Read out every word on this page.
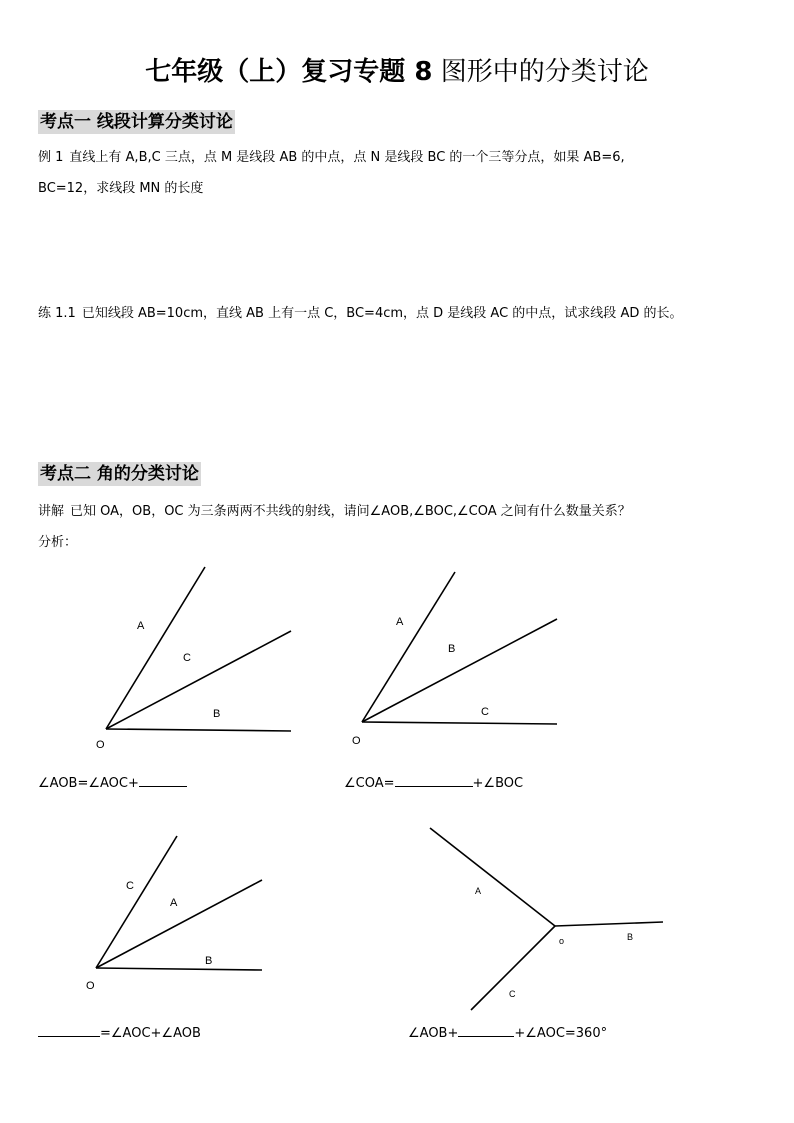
七年级（上）复习专题 8 图形中的分类讨论
考点一 线段计算分类讨论
例 1 直线上有 A,B,C 三点，点 M 是线段 AB 的中点，点 N 是线段 BC 的一个三等分点，如果 AB=6,
BC=12，求线段 MN 的长度
练 1.1 已知线段 AB=10cm，直线 AB 上有一点 C，BC=4cm，点 D 是线段 AC 的中点，试求线段 AD 的长。
考点二 角的分类讨论
讲解 已知 OA，OB，OC 为三条两两不共线的射线，请问∠AOB,∠BOC,∠COA 之间有什么数量关系？
分析：
A
C
B
O
A
B
C
O
C
A
B
O
A
o	B
C
∠AOB=∠AOC+	∠COA=	+∠BOC
=∠AOC+∠AOB	∠AOB+	+∠AOC=360°
